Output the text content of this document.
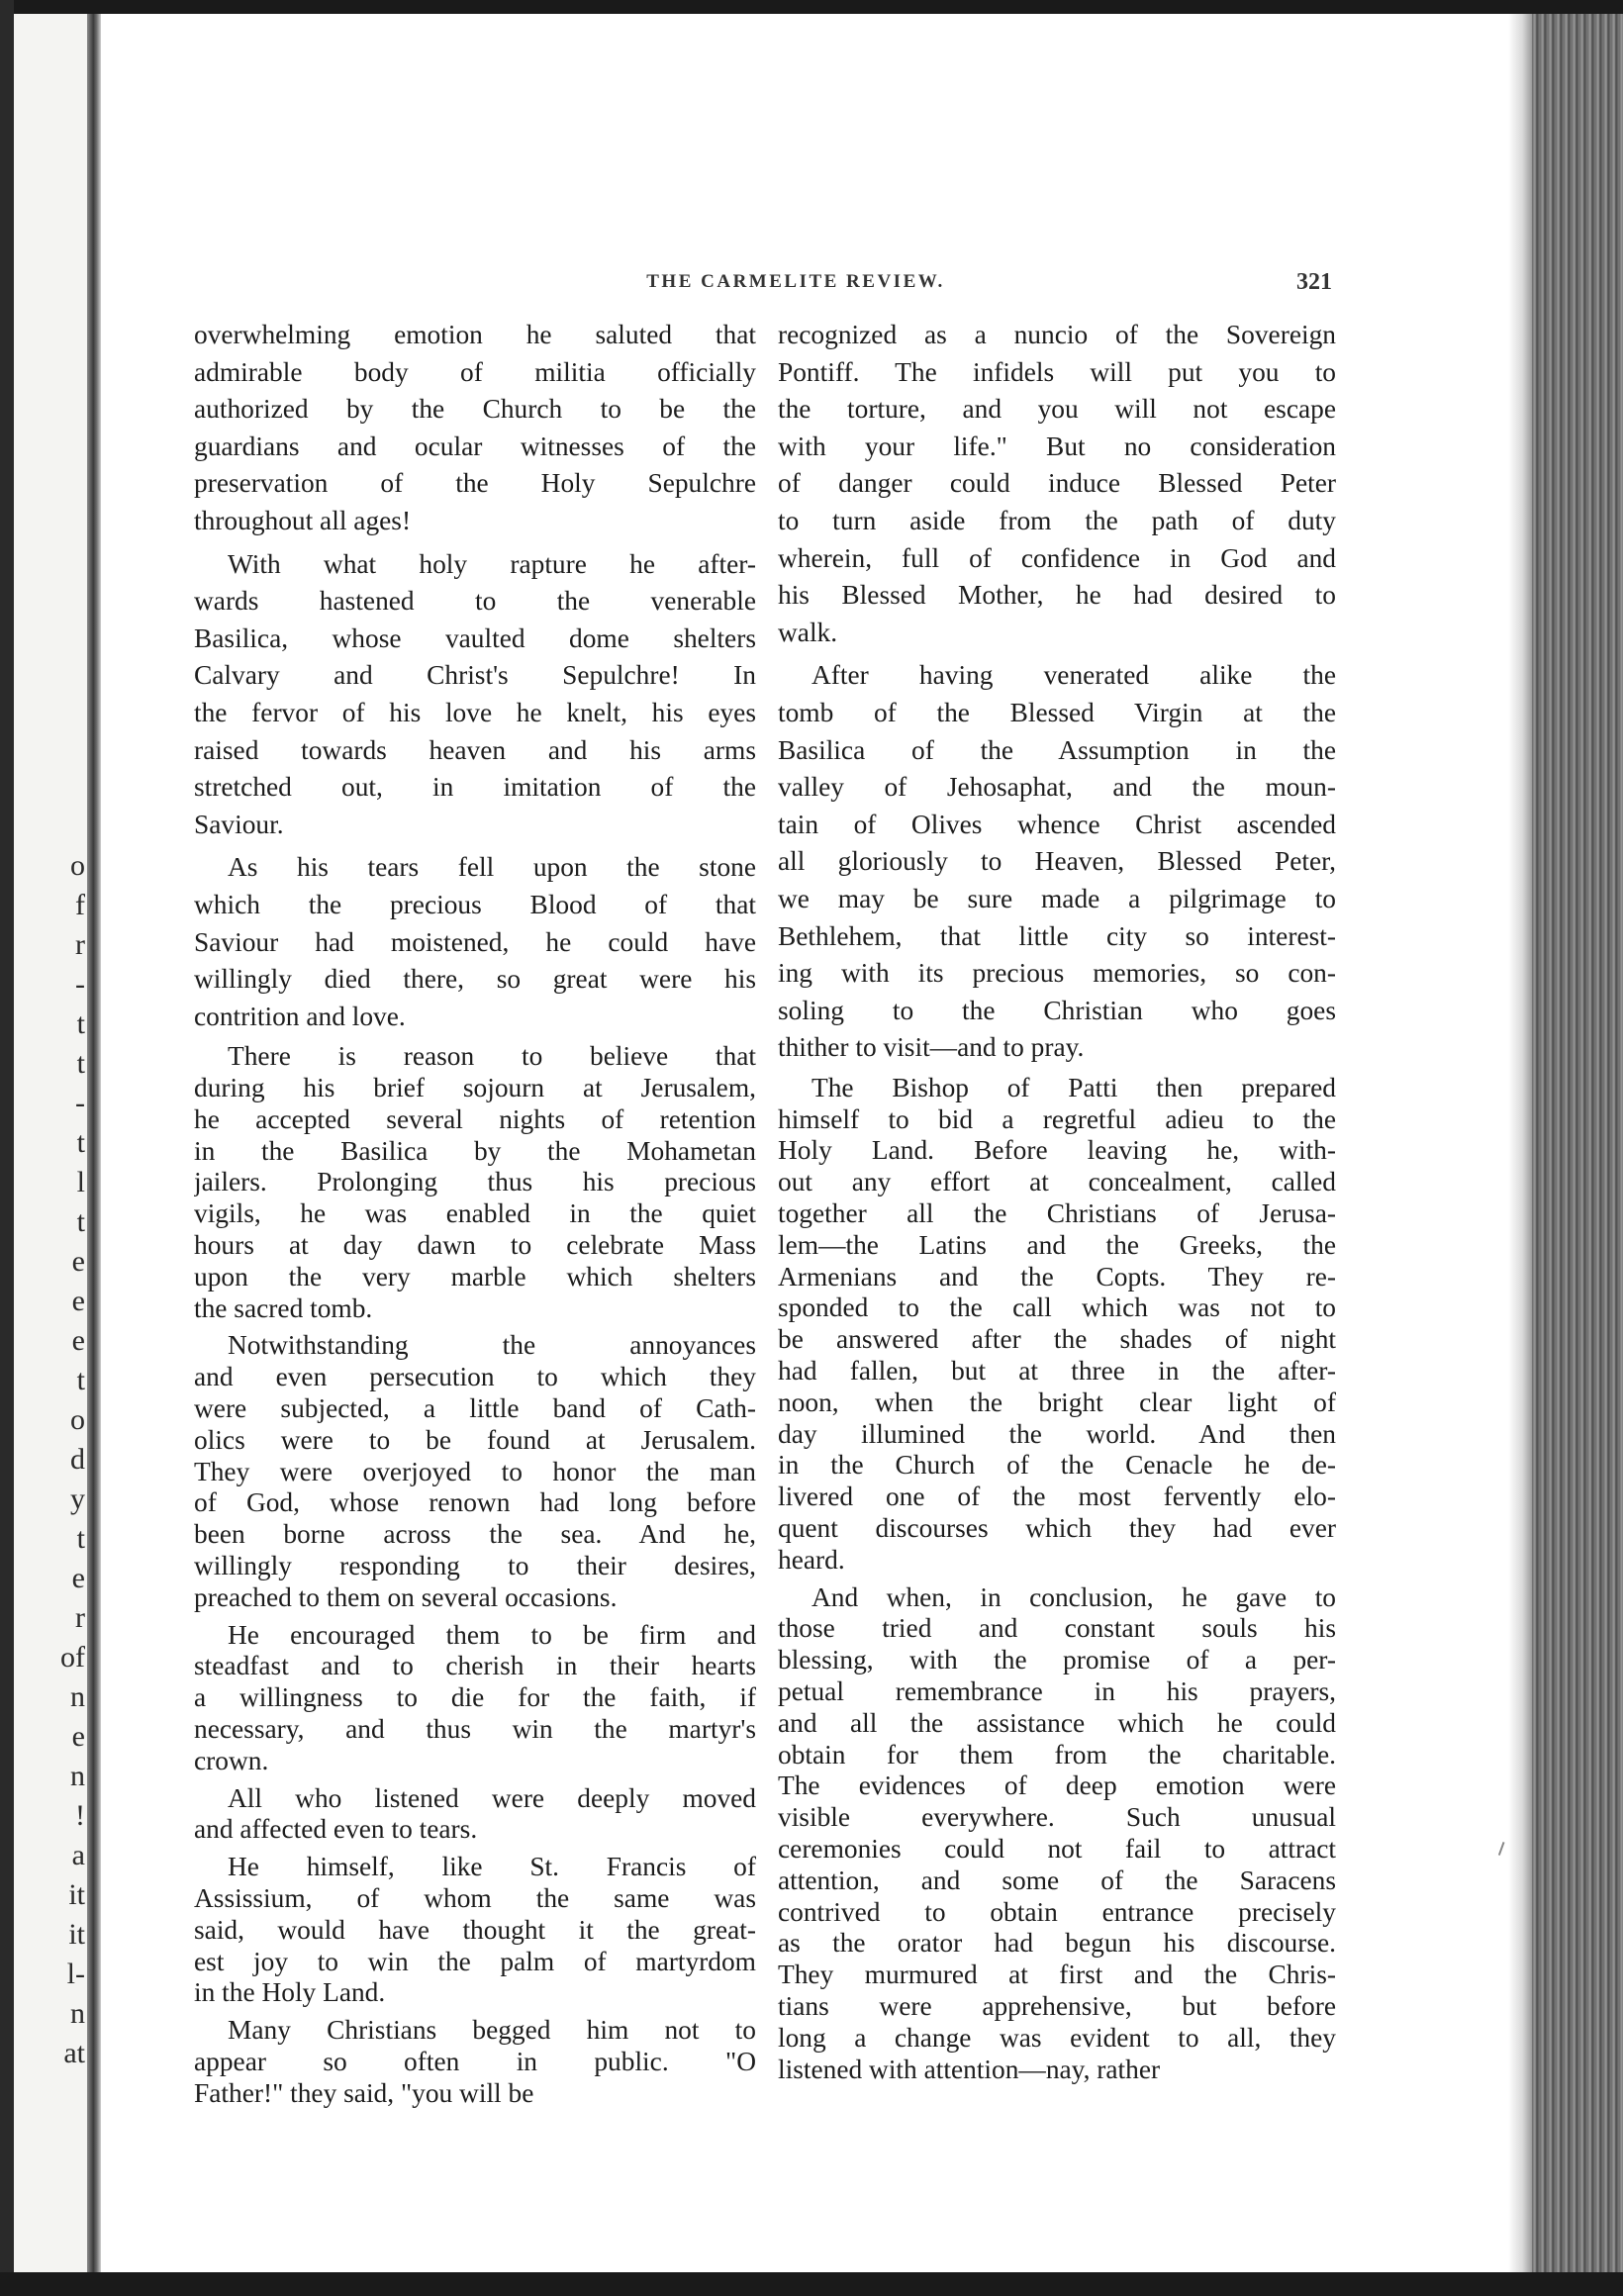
o
f
r
-
t
t
-
t
l
t
e
e
e
t
o
d
y
t
e
r
of
n
e
n
!
a
it
it
l-
n
at
THE CARMELITE REVIEW.	321
overwhelming emotion he saluted that
admirable body of militia officially
authorized by the Church to be the
guardians and ocular witnesses of the
preservation of the Holy Sepulchre
throughout all ages!
With what holy rapture he after-
wards hastened to the venerable
Basilica, whose vaulted dome shelters
Calvary and Christ's Sepulchre! In
the fervor of his love he knelt, his eyes
raised towards heaven and his arms
stretched out, in imitation of the
Saviour.
As his tears fell upon the stone
which the precious Blood of that
Saviour had moistened, he could have
willingly died there, so great were his
contrition and love.
There is reason to believe that
during his brief sojourn at Jerusalem,
he accepted several nights of retention
in the Basilica by the Mohametan
jailers. Prolonging thus his precious
vigils, he was enabled in the quiet
hours at day dawn to celebrate Mass
upon the very marble which shelters
the sacred tomb.
Notwithstanding the annoyances
and even persecution to which they
were subjected, a little band of Cath-
olics were to be found at Jerusalem.
They were overjoyed to honor the man
of God, whose renown had long before
been borne across the sea. And he,
willingly responding to their desires,
preached to them on several occasions.
He encouraged them to be firm and
steadfast and to cherish in their hearts
a willingness to die for the faith, if
necessary, and thus win the martyr's
crown.
All who listened were deeply moved
and affected even to tears.
He himself, like St. Francis of
Assissium, of whom the same was
said, would have thought it the great-
est joy to win the palm of martyrdom
in the Holy Land.
Many Christians begged him not to
appear so often in public. "O
Father!" they said, "you will be
recognized as a nuncio of the Sovereign
Pontiff. The infidels will put you to
the torture, and you will not escape
with your life." But no consideration
of danger could induce Blessed Peter
to turn aside from the path of duty
wherein, full of confidence in God and
his Blessed Mother, he had desired to
walk.
After having venerated alike the
tomb of the Blessed Virgin at the
Basilica of the Assumption in the
valley of Jehosaphat, and the moun-
tain of Olives whence Christ ascended
all gloriously to Heaven, Blessed Peter,
we may be sure made a pilgrimage to
Bethlehem, that little city so interest-
ing with its precious memories, so con-
soling to the Christian who goes
thither to visit—and to pray.
The Bishop of Patti then prepared
himself to bid a regretful adieu to the
Holy Land. Before leaving he, with-
out any effort at concealment, called
together all the Christians of Jerusa-
lem—the Latins and the Greeks, the
Armenians and the Copts. They re-
sponded to the call which was not to
be answered after the shades of night
had fallen, but at three in the after-
noon, when the bright clear light of
day illumined the world. And then
in the Church of the Cenacle he de-
livered one of the most fervently elo-
quent discourses which they had ever
heard.
And when, in conclusion, he gave to
those tried and constant souls his
blessing, with the promise of a per-
petual remembrance in his prayers,
and all the assistance which he could
obtain for them from the charitable.
The evidences of deep emotion were
visible everywhere. Such unusual
ceremonies could not fail to attract
attention, and some of the Saracens
contrived to obtain entrance precisely
as the orator had begun his discourse.
They murmured at first and the Chris-
tians were apprehensive, but before
long a change was evident to all, they
listened with attention—nay, rather
